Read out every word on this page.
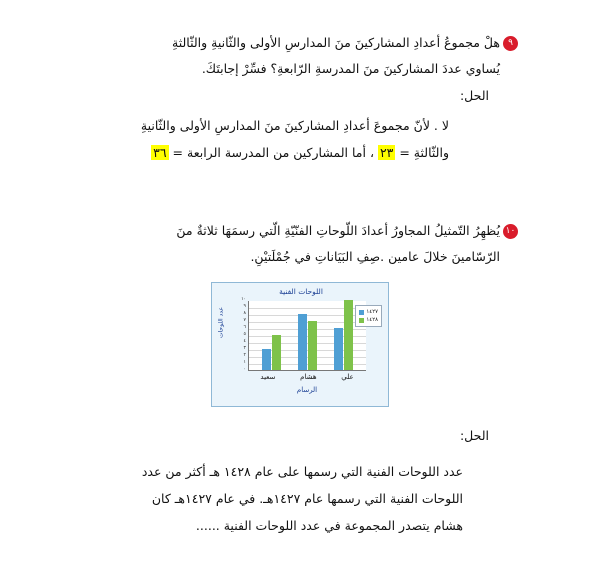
٩
هلْ مجموعُ أعدادِ المشاركينَ منَ المدارسِ الأولى والثّانيةِ والثّالثةِ
يُساوي عددَ المشاركينَ منَ المدرسةِ الرّابعةِ؟ فسِّرْ إجابتَكَ.
الحل:
لا . لأنّ مجموعَ أعدادِ المشاركينَ منَ المدارسِ الأولى والثّانيةِ
والثّالثةِ = ٢٣ ، أما المشاركين من المدرسة الرابعة = ٣٦
١٠
يُظهِرُ التّمثيلُ المجاورُ أعدادَ اللّوحاتِ الفنّيّةِ الّتي رسمَهَا ثلاثةٌ منَ
الرّسّامينَ خلالَ عامين .صِفِ البَيَاناتِ في جُمْلَتيْنِ.
اللوحات الفنية
عدد اللوحات
١٠
٩
٨
٧
٦
٥
٤
٣
٢
١
٠
١٤٢٧
١٤٢٨
علي
هشام
سعيد
الرسام
الحل:
عدد اللوحات الفنية التي رسمها على عام ١٤٢٨ هـ أكثر من عدد
اللوحات الفنية التي رسمها عام ١٤٢٧هـ. في عام ١٤٢٧هـ كان
هشام يتصدر المجموعة في عدد اللوحات الفنية ......
